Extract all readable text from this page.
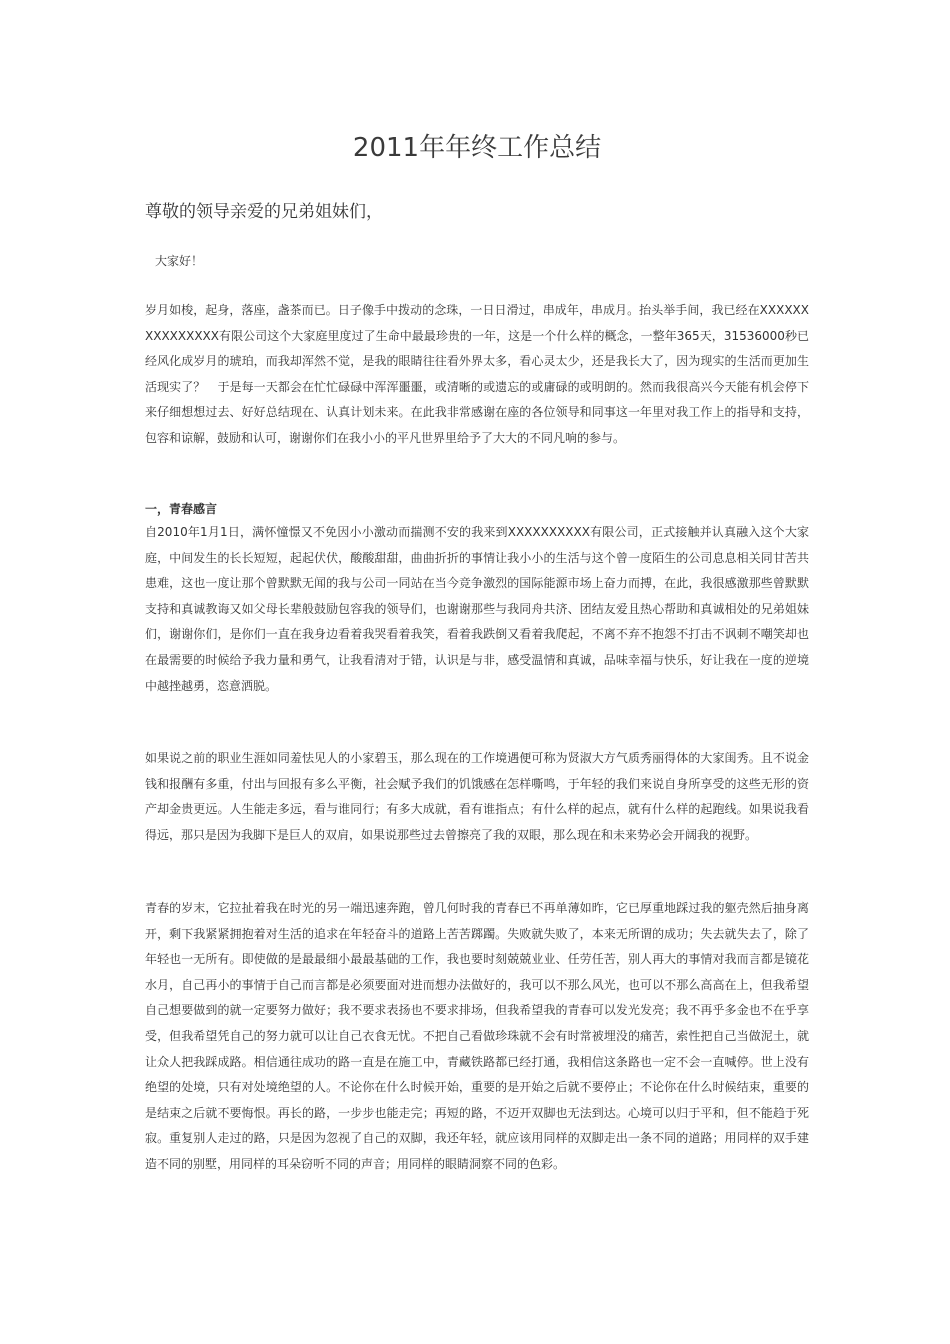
2011年年终工作总结
尊敬的领导亲爱的兄弟姐妹们，
大家好！

岁月如梭，起身，落座，盏茶而已。日子像手中拨动的念珠，一日日滑过，串成年，串成月。抬头举手间，我已经在XXXXXXXXXXXXXXX有限公司这个大家庭里度过了生命中最最珍贵的一年，这是一个什么样的概念，一整年365天，31536000秒已经风化成岁月的琥珀，而我却浑然不觉，是我的眼睛往往看外界太多，看心灵太少，还是我长大了，因为现实的生活而更加生活现实了？　于是每一天都会在忙忙碌碌中浑浑噩噩，或清晰的或遗忘的或庸碌的或明朗的。然而我很高兴今天能有机会停下来仔细想想过去、好好总结现在、认真计划未来。在此我非常感谢在座的各位领导和同事这一年里对我工作上的指导和支持，包容和谅解，鼓励和认可，谢谢你们在我小小的平凡世界里给予了大大的不同凡响的参与。

一，青春感言

自2010年1月1日，满怀憧憬又不免因小小激动而揣测不安的我来到XXXXXXXXXX有限公司，正式接触并认真融入这个大家庭，中间发生的长长短短，起起伏伏，酸酸甜甜，曲曲折折的事情让我小小的生活与这个曾一度陌生的公司息息相关同甘苦共患难，这也一度让那个曾默默无闻的我与公司一同站在当今竞争激烈的国际能源市场上奋力而搏，在此，我很感激那些曾默默支持和真诚教诲又如父母长辈般鼓励包容我的领导们，也谢谢那些与我同舟共济、团结友爱且热心帮助和真诚相处的兄弟姐妹们，谢谢你们，是你们一直在我身边看着我哭看着我笑，看着我跌倒又看着我爬起，不离不弃不抱怨不打击不讽刺不嘲笑却也在最需要的时候给予我力量和勇气，让我看清对于错，认识是与非，感受温情和真诚，品味幸福与快乐，好让我在一度的逆境中越挫越勇，恣意洒脱。

如果说之前的职业生涯如同羞怯见人的小家碧玉，那么现在的工作境遇便可称为贤淑大方气质秀丽得体的大家闺秀。且不说金钱和报酬有多重，付出与回报有多么平衡，社会赋予我们的饥饿感在怎样嘶鸣，于年轻的我们来说自身所享受的这些无形的资产却金贵更远。人生能走多远，看与谁同行；有多大成就，看有谁指点；有什么样的起点，就有什么样的起跑线。如果说我看得远，那只是因为我脚下是巨人的双肩，如果说那些过去曾擦亮了我的双眼，那么现在和未来势必会开阔我的视野。

青春的岁末，它拉扯着我在时光的另一端迅速奔跑，曾几何时我的青春已不再单薄如昨，它已厚重地踩过我的躯壳然后抽身离开，剩下我紧紧拥抱着对生活的追求在年轻奋斗的道路上苦苦踯躅。失败就失败了，本来无所谓的成功；失去就失去了，除了年轻也一无所有。即使做的是最最细小最最基础的工作，我也要时刻兢兢业业、任劳任苦，别人再大的事情对我而言都是镜花水月，自己再小的事情于自己而言都是必须要面对进而想办法做好的，我可以不那么风光，也可以不那么高高在上，但我希望自己想要做到的就一定要努力做好；我不要求表扬也不要求排场，但我希望我的青春可以发光发亮；我不再乎多金也不在乎享受，但我希望凭自己的努力就可以让自己衣食无忧。不把自己看做珍珠就不会有时常被埋没的痛苦，索性把自己当做泥土，就让众人把我踩成路。相信通往成功的路一直是在施工中，青藏铁路都已经打通，我相信这条路也一定不会一直喊停。世上没有绝望的处境，只有对处境绝望的人。不论你在什么时候开始，重要的是开始之后就不要停止；不论你在什么时候结束，重要的是结束之后就不要悔恨。再长的路，一步步也能走完；再短的路，不迈开双脚也无法到达。心境可以归于平和，但不能趋于死寂。重复别人走过的路，只是因为忽视了自己的双脚，我还年轻，就应该用同样的双脚走出一条不同的道路；用同样的双手建造不同的别墅，用同样的耳朵窃听不同的声音；用同样的眼睛洞察不同的色彩。
